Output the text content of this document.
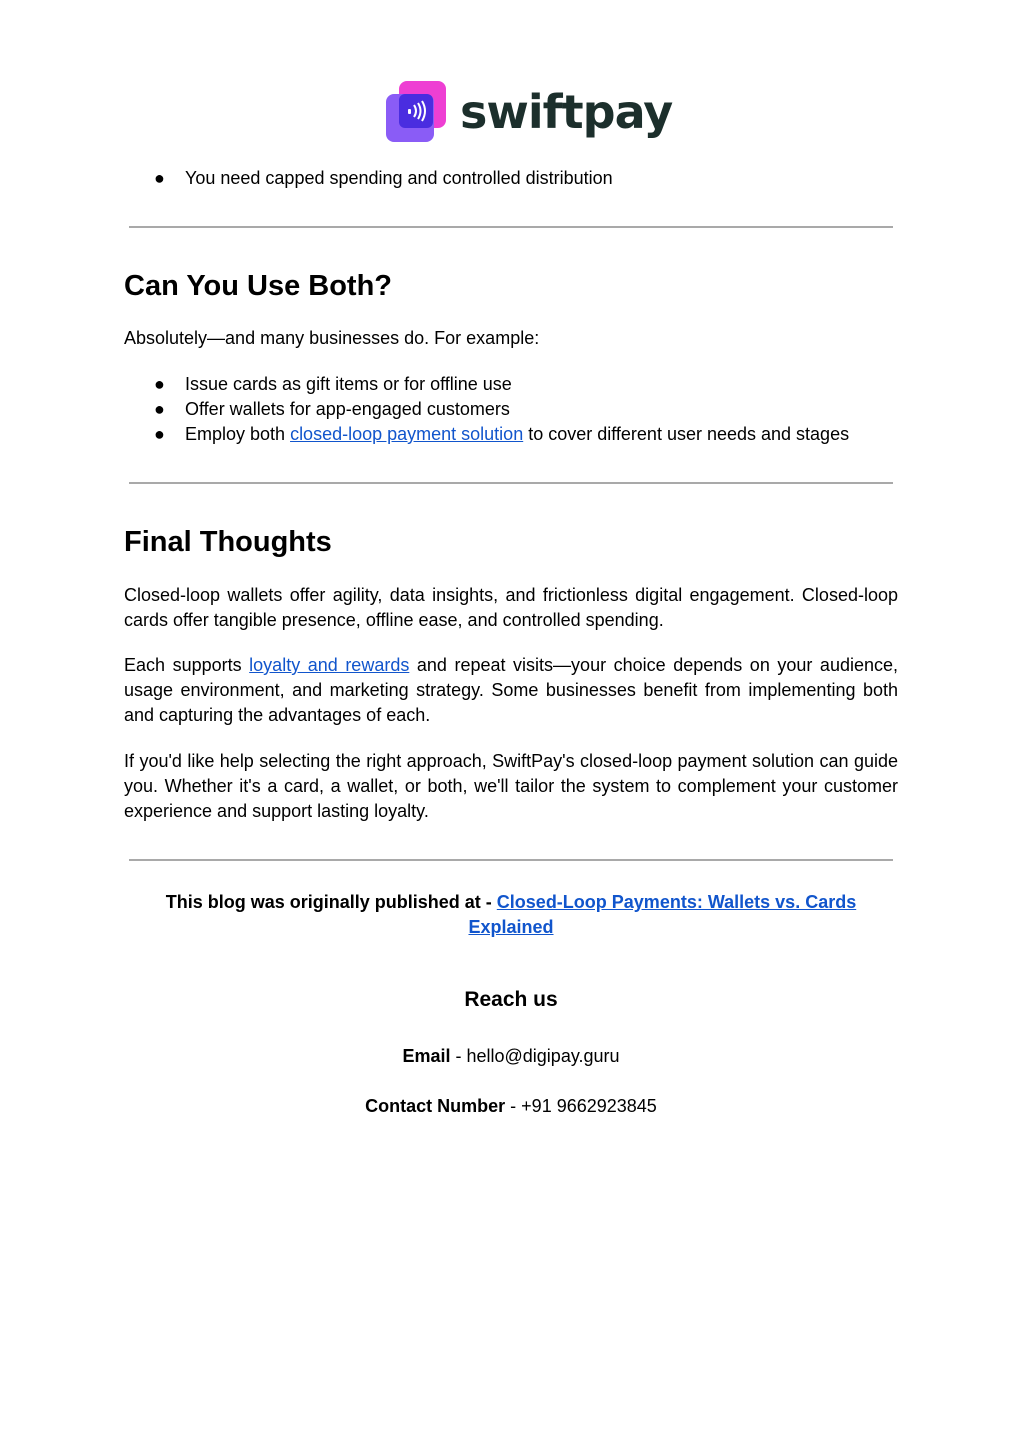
swiftpay
● You need capped spending and controlled distribution
Can You Use Both?

Absolutely—and many businesses do. For example:

● Issue cards as gift items or for offline use
● Offer wallets for app-engaged customers
● Employ both closed-loop payment solution to cover different user needs and stages
Final Thoughts

Closed-loop wallets offer agility, data insights, and frictionless digital engagement. Closed-loop cards offer tangible presence, offline ease, and controlled spending.

Each supports loyalty and rewards and repeat visits—your choice depends on your audience, usage environment, and marketing strategy. Some businesses benefit from implementing both and capturing the advantages of each.

If you'd like help selecting the right approach, SwiftPay's closed-loop payment solution can guide you. Whether it's a card, a wallet, or both, we'll tailor the system to complement your customer experience and support lasting loyalty.

This blog was originally published at - Closed-Loop Payments: Wallets vs. Cards Explained

Reach us

Email - hello@digipay.guru

Contact Number - +91 9662923845
